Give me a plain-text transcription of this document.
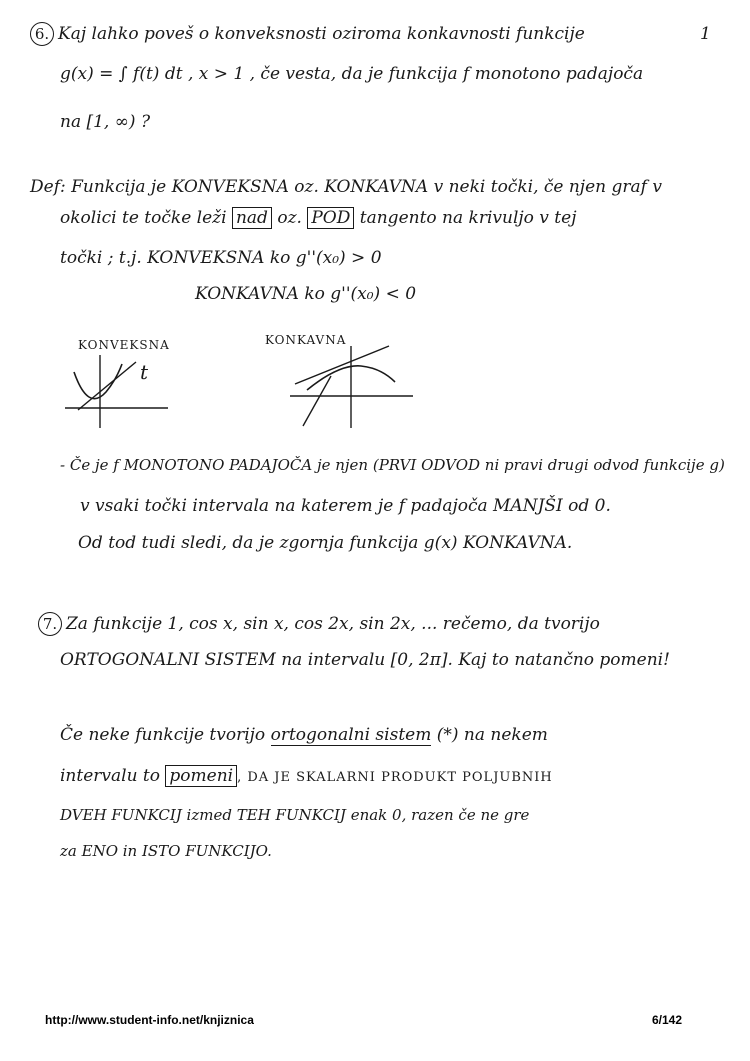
6. Kaj lahko poveš o konveksnosti oziroma konkavnosti funkcije	1
g(x) = ∫ f(t) dt , x > 1 , če vesta, da je funkcija f monotono padajoča
na [1, ∞) ?
Def: Funkcija je KONVEKSNA oz. KONKAVNA v neki točki, če njen graf v
okolici te točke leži nad oz. POD tangento na krivuljo v tej
točki ; t.j. KONVEKSNA ko g''(x₀) > 0
KONKAVNA ko g''(x₀) < 0
KONVEKSNA	KONKAVNA
t
- Če je f MONOTONO PADAJOČA je njen (PRVI ODVOD ni pravi drugi odvod funkcije g)
v vsaki točki intervala na katerem je f padajoča MANJŠI od 0.
Od tod tudi sledi, da je zgornja funkcija g(x) KONKAVNA.
7. Za funkcije 1, cos x, sin x, cos 2x, sin 2x, ... rečemo, da tvorijo
ORTOGONALNI SISTEM na intervalu [0, 2π]. Kaj to natančno pomeni!
Če neke funkcije tvorijo ortogonalni sistem (*) na nekem
intervalu to pomeni , DA JE SKALARNI PRODUKT POLJUBNIH
DVEH FUNKCIJ izmed TEH FUNKCIJ enak 0, razen če ne gre
za ENO in ISTO FUNKCIJO.
http://www.student-info.net/knjiznica	6/142
